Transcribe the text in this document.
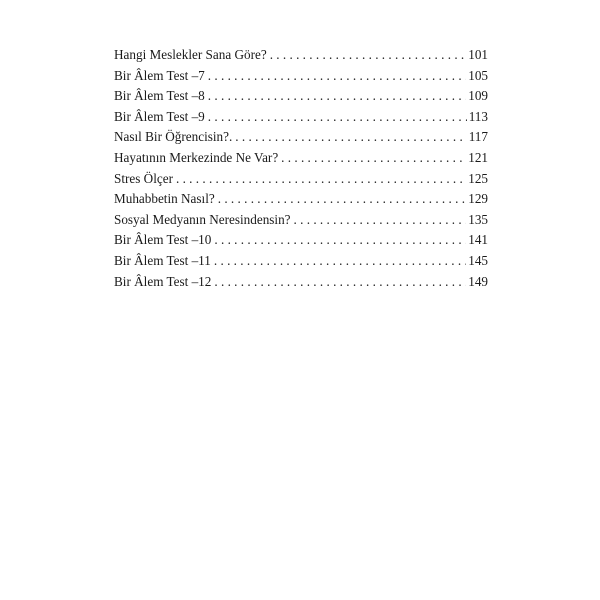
Hangi Meslekler Sana Göre? . . .	101
Bir Âlem Test –7 . . .	105
Bir Âlem Test –8 . . .	109
Bir Âlem Test –9 . . .	113
Nasıl Bir Öğrencisin?. . . .	117
Hayatının Merkezinde Ne Var? . . .	121
Stres Ölçer . . .	125
Muhabbetin Nasıl? . . .	129
Sosyal Medyanın Neresindensin? . . .	135
Bir Âlem Test –10 . . .	141
Bir Âlem Test –11 . . .	145
Bir Âlem Test –12 . . .	149
